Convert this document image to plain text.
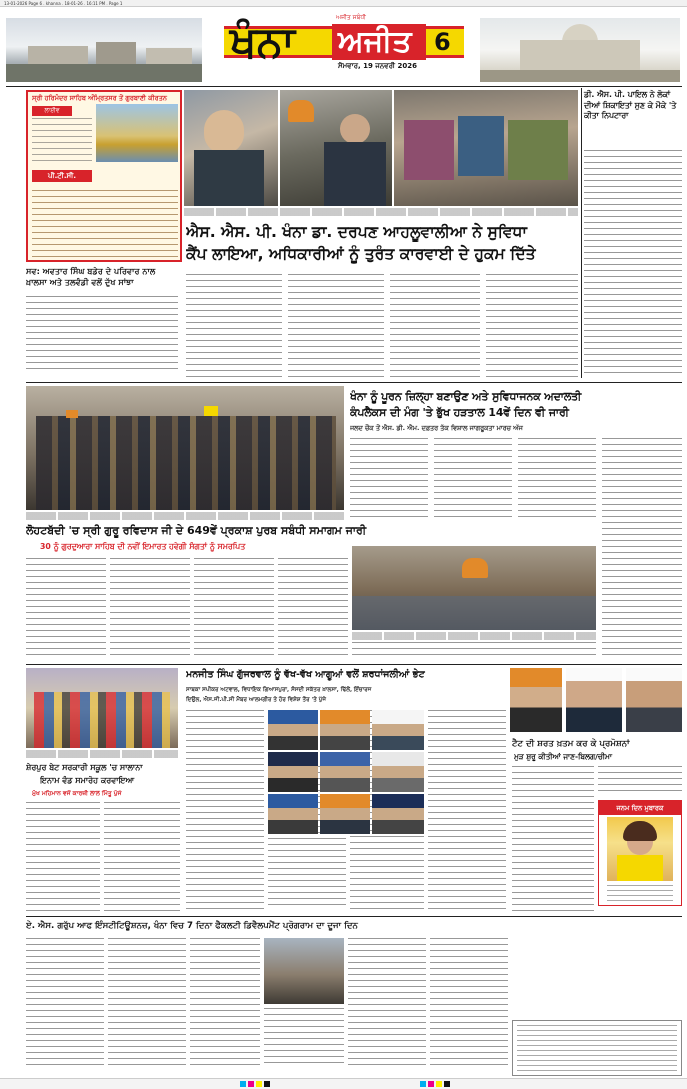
13-01-2026 Page 6 . khanna . 18-01-26 . 16:11 PM . Page 1
ਖੰਨਾ ਅਜੀਤ
ਅਜੀਤ ਸਬੰਧੀ
ਸੋਮਵਾਰ, 19 ਜਨਵਰੀ 2026
6
ਸ੍ਰੀ ਹਰਿਮੰਦਰ ਸਾਹਿਬ ਅੰਮ੍ਰਿਤਸਰ ਤੋਂ ਗੁਰਬਾਣੀ ਕੀਰਤਨ
ਲਾਈਵ
ਪੀ.ਟੀ.ਸੀ.
ਡੀ. ਐਸ. ਪੀ. ਪਾਇਲ ਨੇ ਲੋਕਾਂ ਦੀਆਂ ਸ਼ਿਕਾਇਤਾਂ ਸੁਣ ਕੇ ਮੌਕੇ 'ਤੇ ਕੀਤਾ ਨਿਪਟਾਰਾ
ਐਸ. ਐਸ. ਪੀ. ਖੰਨਾ ਡਾ. ਦਰਪਣ ਆਹਲੂਵਾਲੀਆ ਨੇ ਸੁਵਿਧਾ
ਕੈਂਪ ਲਾਇਆ, ਅਧਿਕਾਰੀਆਂ ਨੂੰ ਤੁਰੰਤ ਕਾਰਵਾਈ ਦੇ ਹੁਕਮ ਦਿੱਤੇ
ਸਵ: ਅਵਤਾਰ ਸਿੰਘ ਬਡੇਰ ਦੇ ਪਰਿਵਾਰ ਨਾਲ ਖ਼ਾਲਸਾ ਅਤੇ ਤਲਵੰਡੀ ਵਲੋਂ ਦੁੱਖ ਸਾਂਝਾ
ਖੰਨਾ ਨੂੰ ਪੂਰਨ ਜ਼ਿਲ੍ਹਾ ਬਣਾਉਣ ਅਤੇ ਸੁਵਿਧਾਜਨਕ ਅਦਾਲਤੀ
ਕੰਪਲੈਕਸ ਦੀ ਮੰਗ 'ਤੇ ਭੁੱਖ ਹੜਤਾਲ 14ਵੇਂ ਦਿਨ ਵੀ ਜਾਰੀ
ਜਲਦ ਚੌਕ ਤੋਂ ਐਸ. ਡੀ. ਐਮ. ਦਫ਼ਤਰ ਤੱਕ ਵਿਸ਼ਾਲ ਜਾਗਰੂਕਤਾ ਮਾਰਚ ਅੱਜ
ਲੋਹਟਬੱਦੀ 'ਚ ਸ੍ਰੀ ਗੁਰੂ ਰਵਿਦਾਸ ਜੀ ਦੇ 649ਵੇਂ ਪ੍ਰਕਾਸ਼ ਪੁਰਬ ਸਬੰਧੀ ਸਮਾਗਮ ਜਾਰੀ
30 ਨੂੰ ਗੁਰਦੁਆਰਾ ਸਾਹਿਬ ਦੀ ਨਵੀਂ ਇਮਾਰਤ ਹਵੇਗੀ ਸੰਗਤਾਂ ਨੂੰ ਸਮਰਪਿਤ
ਮਨਜੀਤ ਸਿੰਘ ਗੁੱਜਰਵਾਲ ਨੂੰ ਵੱਖ-ਵੱਖ ਆਗੂਆਂ ਵਲੋਂ ਸ਼ਰਧਾਂਜਲੀਆਂ ਭੇਟ
ਸਾਬਕਾ ਸਪੀਕਰ ਅਟਵਾਲ, ਵਿਧਾਇਕ ਗਿਆਸਪੁਰਾ, ਸੰਸਦੀ ਸਕੱਤਰ ਖ਼ਾਲਸਾ, ਢਿੱਲੋਂ, ਇੰਚਾਰਜ
ਦਿਉਲ, ਐਸ.ਜੀ.ਪੀ.ਸੀ ਮੈਂਬਰ ਆਲਮਗੀਰ ਤੇ ਹੋਰ ਵਿਸ਼ੇਸ਼ ਤੌਰ 'ਤੇ ਪੁੱਜੇ
ਸ਼ੇਰਪੁਰ ਬੇਟ ਸਰਕਾਰੀ ਸਕੂਲ 'ਚ ਸਾਲਾਨਾ
ਇਨਾਮ ਵੰਡ ਸਮਾਰੋਹ ਕਰਵਾਇਆ
ਮੁੱਖ ਮਹਿਮਾਨ ਵਜੋਂ ਕਾਰਜ਼ੀ ਲਾਲ ਮਿੱਤੂ ਪੁੱਜੇ
ਟੈਟ ਦੀ ਸ਼ਰਤ ਖ਼ਤਮ ਕਰ ਕੇ ਪ੍ਰਮੋਸ਼ਨਾਂ
ਮੁੜ ਸ਼ੁਰੂ ਕੀਤੀਆਂ ਜਾਣ-ਬਿਲਗ/ਚੀਮਾ
ਜਨਮ ਦਿਨ ਮੁਬਾਰਕ
ਏ. ਐਸ. ਗਰੁੱਪ ਆਫ ਇੰਸਟੀਟਿਊਸ਼ਨਜ਼, ਖੰਨਾ ਵਿਚ 7 ਦਿਨਾ ਫੈਕਲਟੀ ਡਿਵੈਲਪਮੈਂਟ ਪ੍ਰੋਗਰਾਮ ਦਾ ਦੂਜਾ ਦਿਨ
